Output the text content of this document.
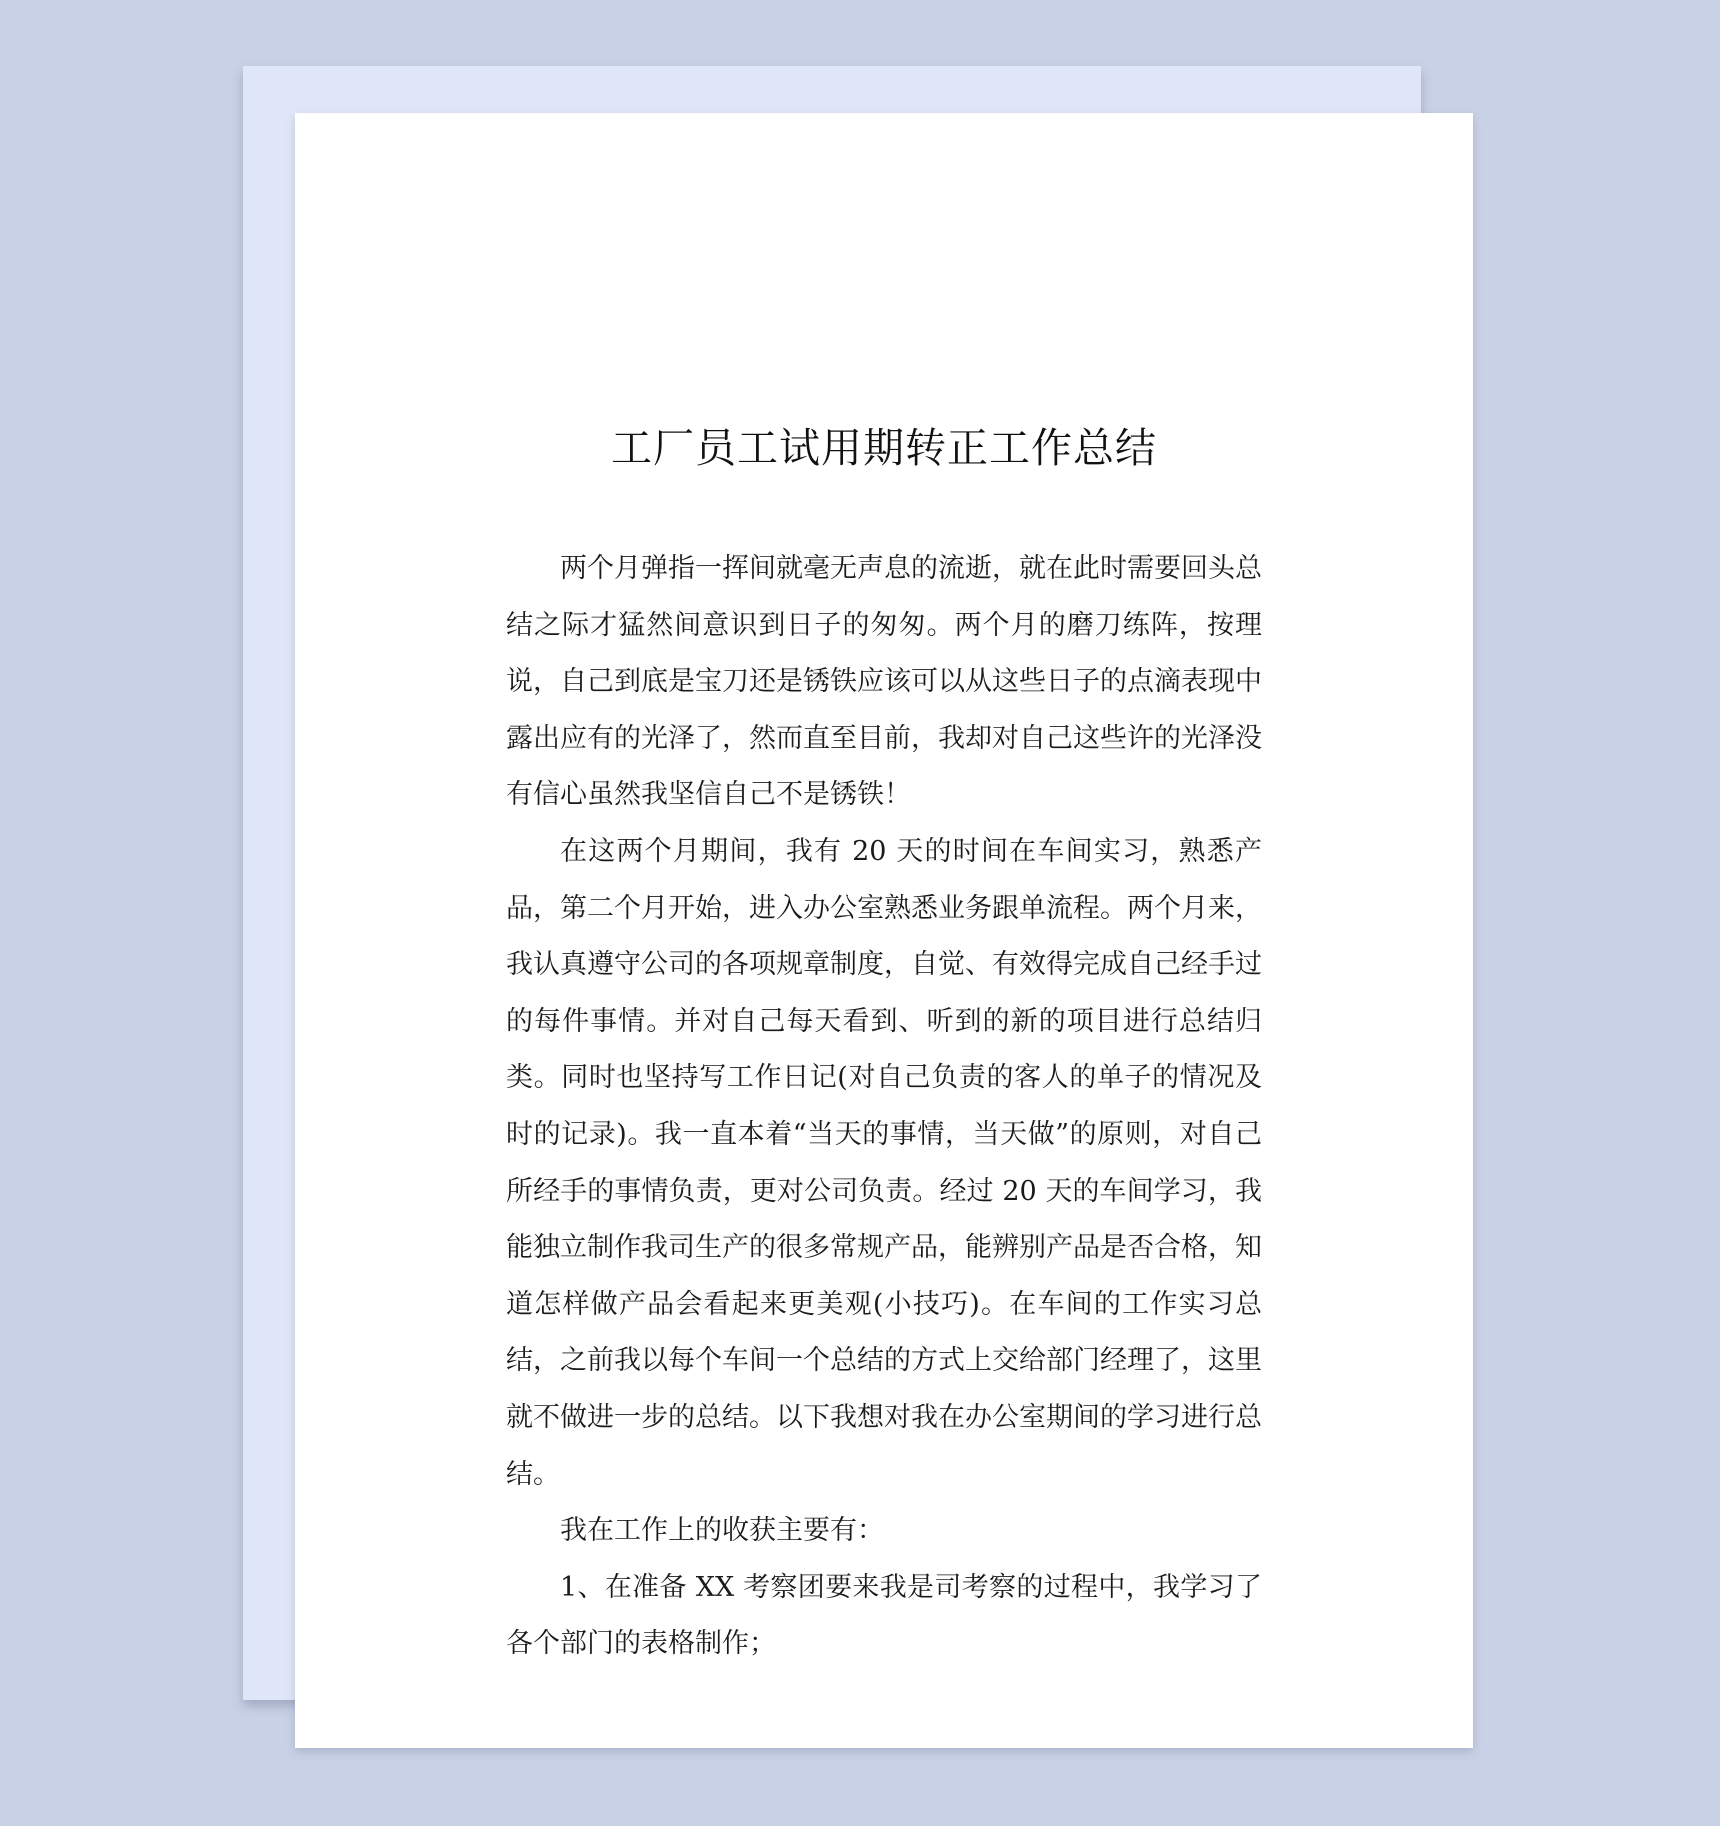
工厂员工试用期转正工作总结

两个月弹指一挥间就毫无声息的流逝，就在此时需要回头总结之际才猛然间意识到日子的匆匆。两个月的磨刀练阵，按理说，自己到底是宝刀还是锈铁应该可以从这些日子的点滴表现中露出应有的光泽了，然而直至目前，我却对自己这些许的光泽没有信心虽然我坚信自己不是锈铁！

在这两个月期间，我有 20 天的时间在车间实习，熟悉产品，第二个月开始，进入办公室熟悉业务跟单流程。两个月来，我认真遵守公司的各项规章制度，自觉、有效得完成自己经手过的每件事情。并对自己每天看到、听到的新的项目进行总结归类。同时也坚持写工作日记(对自己负责的客人的单子的情况及时的记录)。我一直本着“当天的事情，当天做”的原则，对自己所经手的事情负责，更对公司负责。经过 20 天的车间学习，我能独立制作我司生产的很多常规产品，能辨别产品是否合格，知道怎样做产品会看起来更美观(小技巧)。在车间的工作实习总结，之前我以每个车间一个总结的方式上交给部门经理了，这里就不做进一步的总结。以下我想对我在办公室期间的学习进行总结。

我在工作上的收获主要有：

1、在准备 XX 考察团要来我是司考察的过程中，我学习了各个部门的表格制作；
